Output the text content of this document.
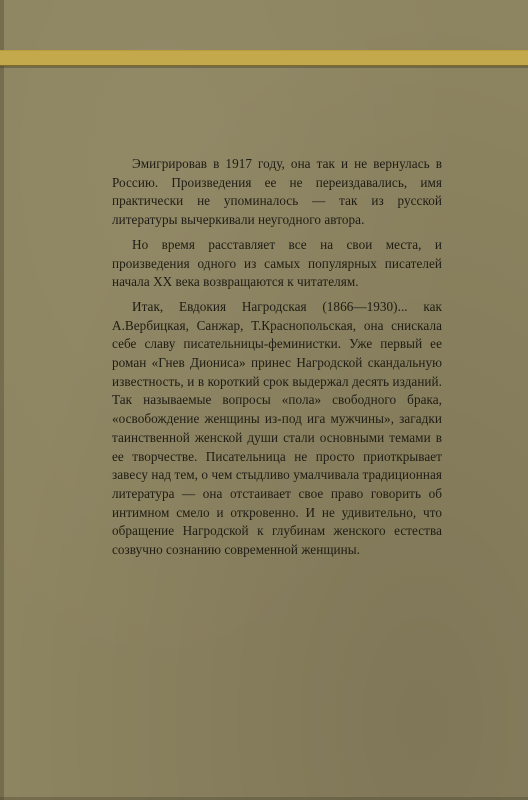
Эмигрировав в 1917 году, она так и не вернулась в Россию. Произведения ее не переиздавались, имя практически не упоминалось — так из русской литературы вычеркивали неугодного автора.

Но время расставляет все на свои места, и произведения одного из самых популярных писателей начала XX века возвращаются к читателям.

Итак, Евдокия Нагродская (1866—1930)... как А.Вербицкая, Санжар, Т.Краснопольская, она снискала себе славу писательницы-феминистки. Уже первый ее роман «Гнев Диониса» принес Нагродской скандальную известность, и в короткий срок выдержал десять изданий. Так называемые вопросы «пола» свободного брака, «освобождение женщины из-под ига мужчины», загадки таинственной женской души стали основными темами в ее творчестве. Писательница не просто приоткрывает завесу над тем, о чем стыдливо умалчивала традиционная литература — она отстаивает свое право говорить об интимном смело и откровенно. И не удивительно, что обращение Нагродской к глубинам женского естества созвучно сознанию современной женщины.
